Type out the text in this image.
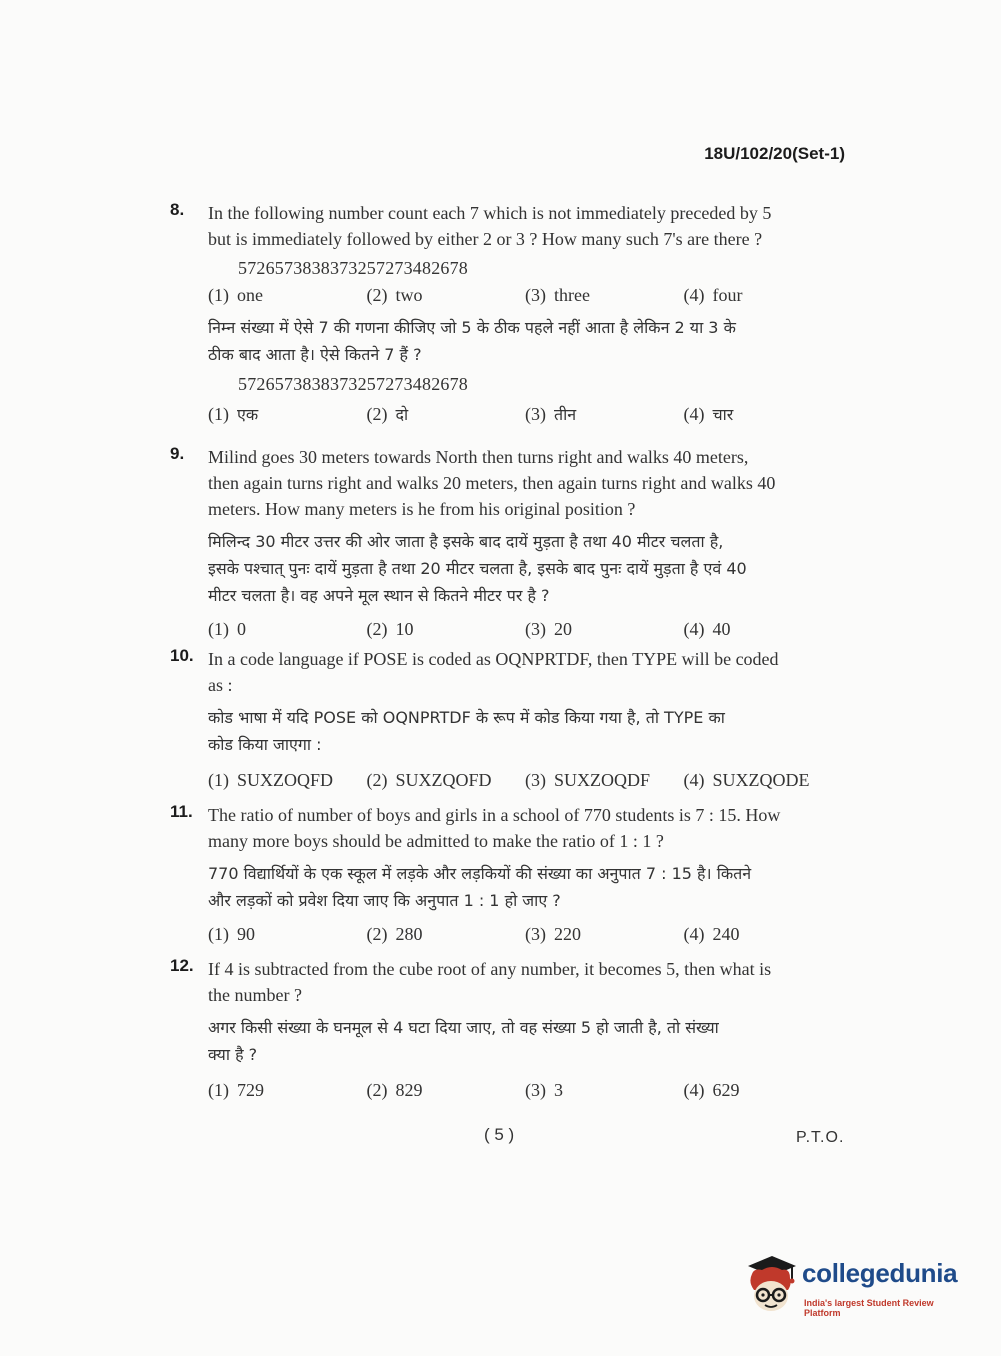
18U/102/20(Set-1)
8. In the following number count each 7 which is not immediately preceded by 5
but is immediately followed by either 2 or 3 ? How many such 7's are there ?
5726573838373257273482678
(1) one	(2) two	(3) three	(4) four
निम्न संख्या में ऐसे 7 की गणना कीजिए जो 5 के ठीक पहले नहीं आता है लेकिन 2 या 3 के
ठीक बाद आता है। ऐसे कितने 7 हैं ?
5726573838373257273482678
(1) एक	(2) दो	(3) तीन	(4) चार
9. Milind goes 30 meters towards North then turns right and walks 40 meters,
then again turns right and walks 20 meters, then again turns right and walks 40
meters. How many meters is he from his original position ?
मिलिन्द 30 मीटर उत्तर की ओर जाता है इसके बाद दायें मुड़ता है तथा 40 मीटर चलता है,
इसके पश्चात् पुनः दायें मुड़ता है तथा 20 मीटर चलता है, इसके बाद पुनः दायें मुड़ता है एवं 40
मीटर चलता है। वह अपने मूल स्थान से कितने मीटर पर है ?
(1) 0	(2) 10	(3) 20	(4) 40
10. In a code language if POSE is coded as OQNPRTDF, then TYPE will be coded
as :
कोड भाषा में यदि POSE को OQNPRTDF के रूप में कोड किया गया है, तो TYPE का
कोड किया जाएगा :
(1) SUXZOQFD	(2) SUXZQOFD	(3) SUXZOQDF	(4) SUXZQODE
11. The ratio of number of boys and girls in a school of 770 students is 7 : 15. How
many more boys should be admitted to make the ratio of 1 : 1 ?
770 विद्यार्थियों के एक स्कूल में लड़के और लड़कियों की संख्या का अनुपात 7 : 15 है। कितने
और लड़कों को प्रवेश दिया जाए कि अनुपात 1 : 1 हो जाए ?
(1) 90	(2) 280	(3) 220	(4) 240
12. If 4 is subtracted from the cube root of any number, it becomes 5, then what is
the number ?
अगर किसी संख्या के घनमूल से 4 घटा दिया जाए, तो वह संख्या 5 हो जाती है, तो संख्या
क्या है ?
(1) 729	(2) 829	(3) 3	(4) 629
( 5 )	P.T.O.
collegedunia
India's largest Student Review Platform
